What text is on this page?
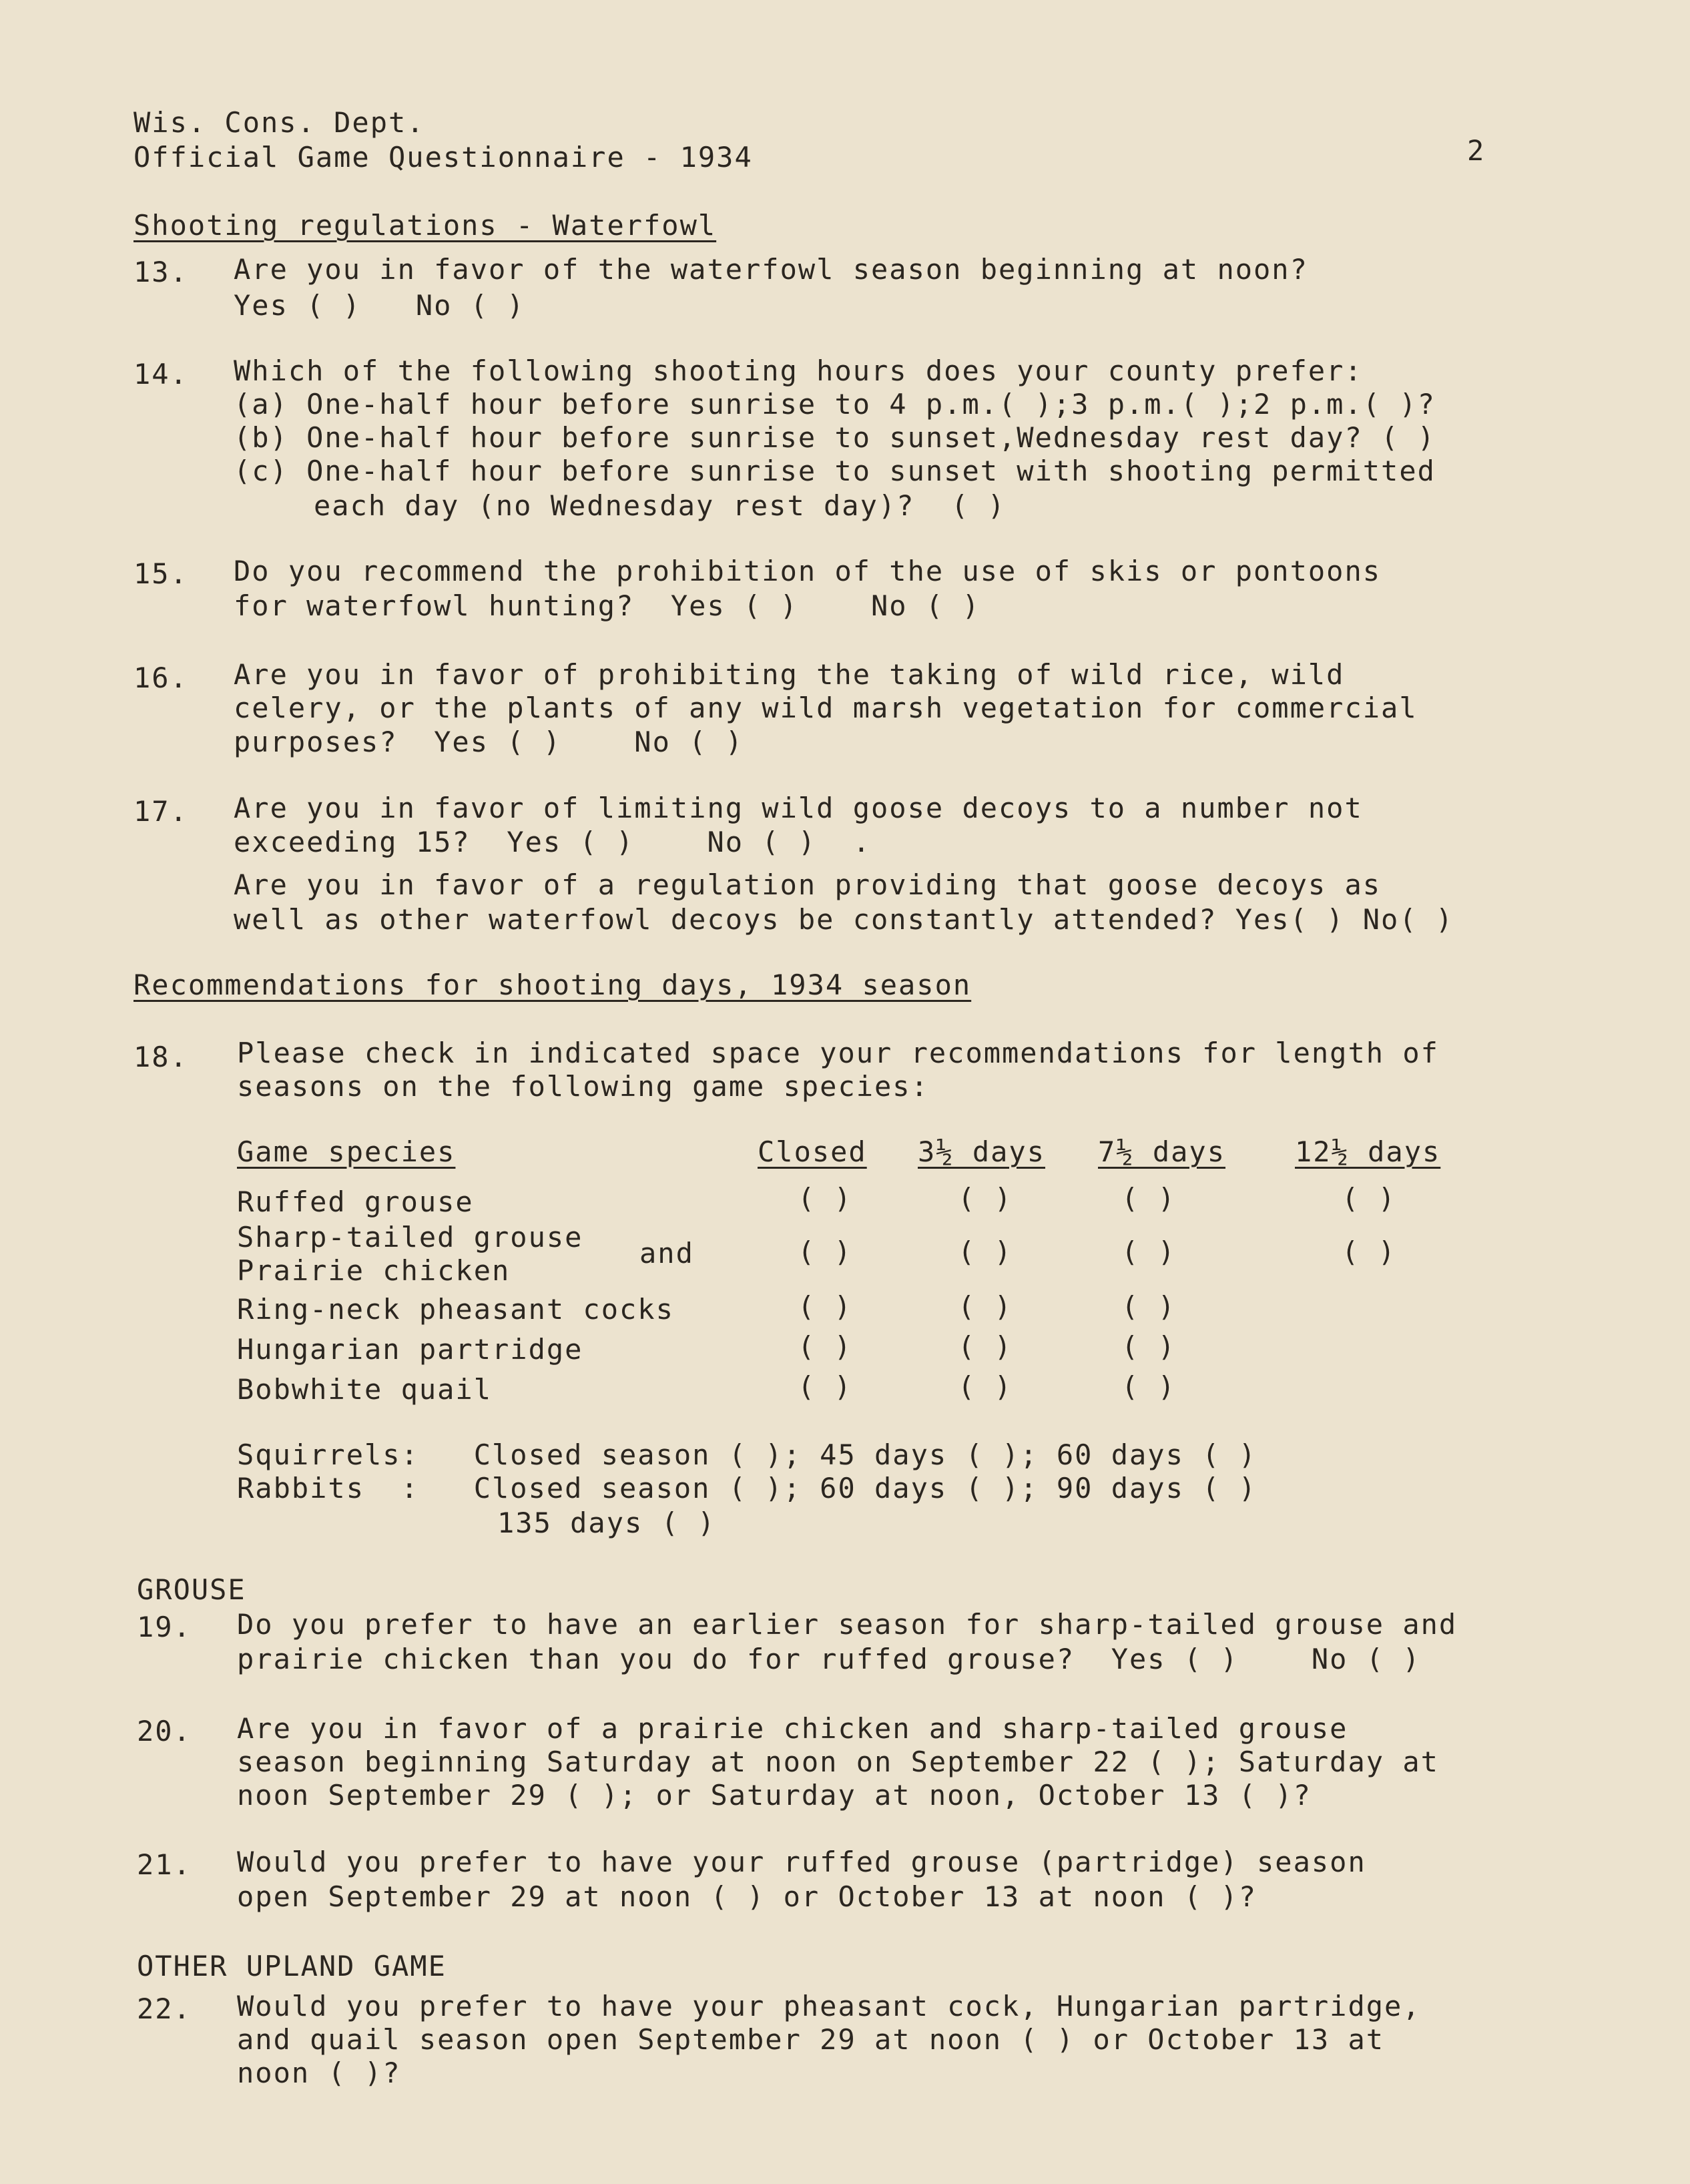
Wis. Cons. Dept.
Official Game Questionnaire - 1934	2
Shooting regulations - Waterfowl
13. Are you in favor of the waterfowl season beginning at noon?
Yes ( )   No ( )
14. Which of the following shooting hours does your county prefer:
(a) One-half hour before sunrise to 4 p.m.( );3 p.m.( );2 p.m.( )?
(b) One-half hour before sunrise to sunset,Wednesday rest day? ( )
(c) One-half hour before sunrise to sunset with shooting permitted
each day (no Wednesday rest day)?  ( )
15. Do you recommend the prohibition of the use of skis or pontoons
for waterfowl hunting?  Yes ( )    No ( )
16. Are you in favor of prohibiting the taking of wild rice, wild
celery, or the plants of any wild marsh vegetation for commercial
purposes?  Yes ( )    No ( )
17. Are you in favor of limiting wild goose decoys to a number not
exceeding 15?  Yes ( )    No ( )  .
Are you in favor of a regulation providing that goose decoys as
well as other waterfowl decoys be constantly attended? Yes( ) No( )
Recommendations for shooting days, 1934 season
18. Please check in indicated space your recommendations for length of
seasons on the following game species:
Game species	Closed 3½ days 7½ days 12½ days
Ruffed grouse	( )	( )	( )	( )
Sharp-tailed grouse
Prairie chicken
and	( )	( )	( )	( )
Ring-neck pheasant cocks	( )	( )	( )
Hungarian partridge	( )	( )	( )
Bobwhite quail	( )	( )	( )
Squirrels:   Closed season ( ); 45 days ( ); 60 days ( )
Rabbits  :   Closed season ( ); 60 days ( ); 90 days ( )
135 days ( )
GROUSE
19. Do you prefer to have an earlier season for sharp-tailed grouse and
prairie chicken than you do for ruffed grouse?  Yes ( )    No ( )
20. Are you in favor of a prairie chicken and sharp-tailed grouse
season beginning Saturday at noon on September 22 ( ); Saturday at
noon September 29 ( ); or Saturday at noon, October 13 ( )?
21. Would you prefer to have your ruffed grouse (partridge) season
open September 29 at noon ( ) or October 13 at noon ( )?
OTHER UPLAND GAME
22. Would you prefer to have your pheasant cock, Hungarian partridge,
and quail season open September 29 at noon ( ) or October 13 at
noon ( )?
